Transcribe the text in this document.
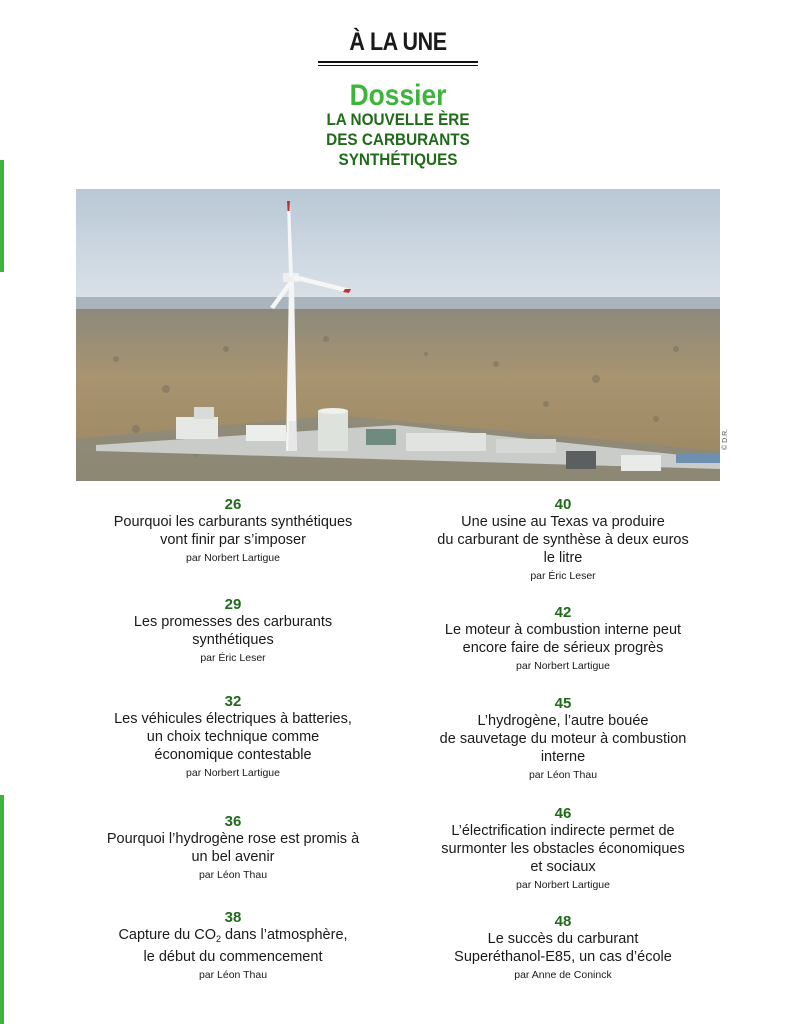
À LA UNE
Dossier
LA NOUVELLE ÈRE
DES CARBURANTS
SYNTHÉTIQUES
© D.R.
26
Pourquoi les carburants synthétiques
vont finir par s’imposer
par Norbert Lartigue
29
Les promesses des carburants
synthétiques
par Éric Leser
32
Les véhicules électriques à batteries,
un choix technique comme
économique contestable
par Norbert Lartigue
36
Pourquoi l’hydrogène rose est promis à
un bel avenir
par Léon Thau
38
Capture du $CO_2$ dans l’atmosphère,
le début du commencement
par Léon Thau
40
Une usine au Texas va produire
du carburant de synthèse à deux euros
le litre
par Éric Leser
42
Le moteur à combustion interne peut
encore faire de sérieux progrès
par Norbert Lartigue
45
L’hydrogène, l’autre bouée
de sauvetage du moteur à combustion
interne
par Léon Thau
46
L’électrification indirecte permet de
surmonter les obstacles économiques
et sociaux
par Norbert Lartigue
48
Le succès du carburant
Superéthanol-E85, un cas d’école
par Anne de Coninck
